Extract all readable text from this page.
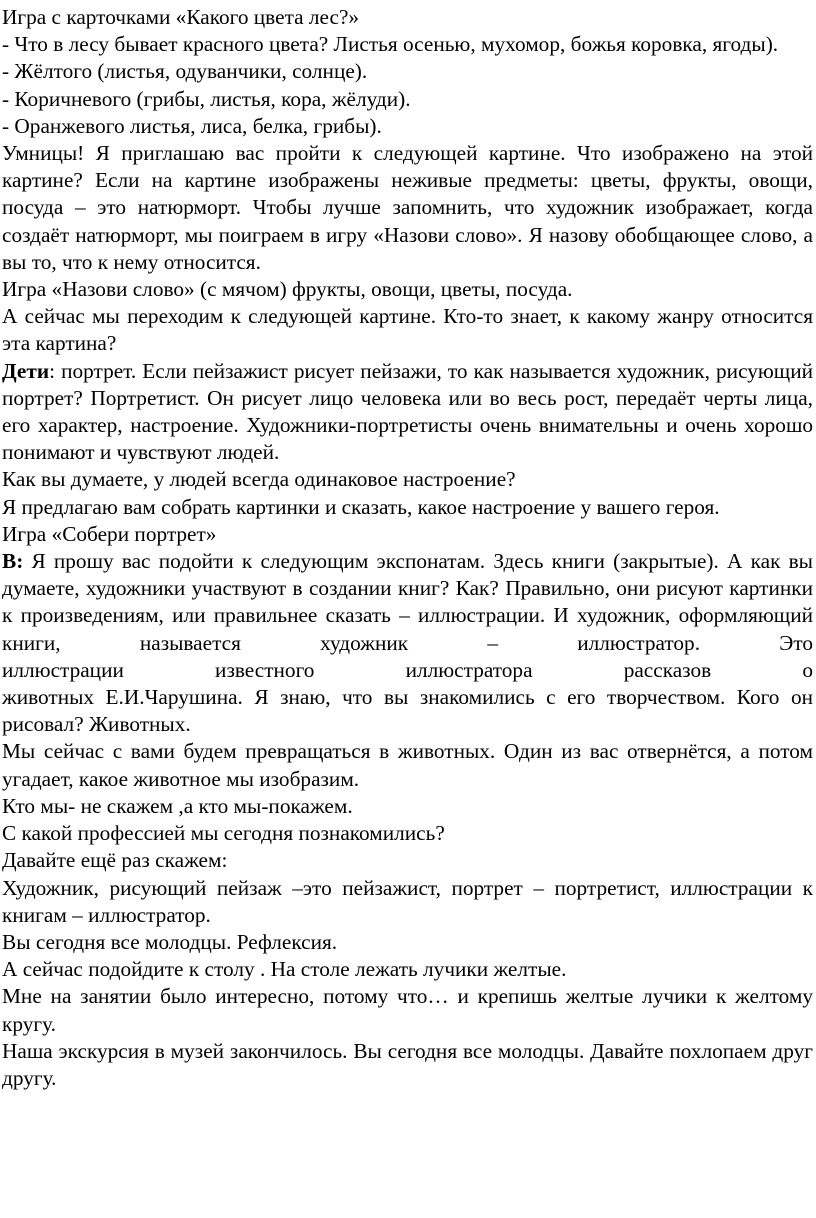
Игра с карточками «Какого цвета лес?»

- Что в лесу бывает красного цвета? Листья осенью, мухомор, божья коровка, ягоды).

- Жёлтого (листья, одуванчики, солнце).

- Коричневого (грибы, листья, кора, жёлуди).

- Оранжевого листья, лиса, белка, грибы).

Умницы! Я приглашаю вас пройти к следующей картине. Что изображено на этой картине? Если на картине изображены неживые предметы: цветы, фрукты, овощи, посуда – это натюрморт. Чтобы лучше запомнить, что художник изображает, когда создаёт натюрморт, мы поиграем в игру «Назови слово». Я назову обобщающее слово, а вы то, что к нему относится.

Игра «Назови слово» (с мячом) фрукты, овощи, цветы, посуда.

А сейчас мы переходим к следующей картине. Кто-то знает, к какому жанру относится эта картина?

Дети: портрет. Если пейзажист рисует пейзажи, то как называется художник, рисующий портрет? Портретист. Он рисует лицо человека или во весь рост, передаёт черты лица, его характер, настроение. Художники-портретисты очень внимательны и очень хорошо понимают и чувствуют людей.

Как вы думаете, у людей всегда одинаковое настроение?

Я предлагаю вам собрать картинки и сказать, какое настроение у вашего героя.

Игра «Собери портрет»

В: Я прошу вас подойти к следующим экспонатам. Здесь книги (закрытые). А как вы думаете, художники участвуют в создании книг? Как? Правильно, они рисуют картинки к произведениям, или правильнее сказать – иллюстрации. И художник, оформляющий книги, называется художник – иллюстратор. Это

иллюстрации известного иллюстратора рассказов о

животных Е.И.Чарушина. Я знаю, что вы знакомились с его творчеством. Кого он рисовал? Животных.

Мы сейчас с вами будем превращаться в животных. Один из вас отвернётся, а потом угадает, какое животное мы изобразим.

Кто мы- не скажем ,а кто мы-покажем.

С какой профессией мы сегодня познакомились?

Давайте ещё раз скажем:

Художник, рисующий пейзаж –это пейзажист, портрет – портретист, иллюстрации к книгам – иллюстратор.

Вы сегодня все молодцы. Рефлексия.

А сейчас подойдите к столу . На столе лежать лучики желтые.

Мне на занятии было интересно, потому что… и крепишь желтые лучики к желтому кругу.

Наша экскурсия в музей закончилось. Вы сегодня все молодцы. Давайте похлопаем друг другу.
